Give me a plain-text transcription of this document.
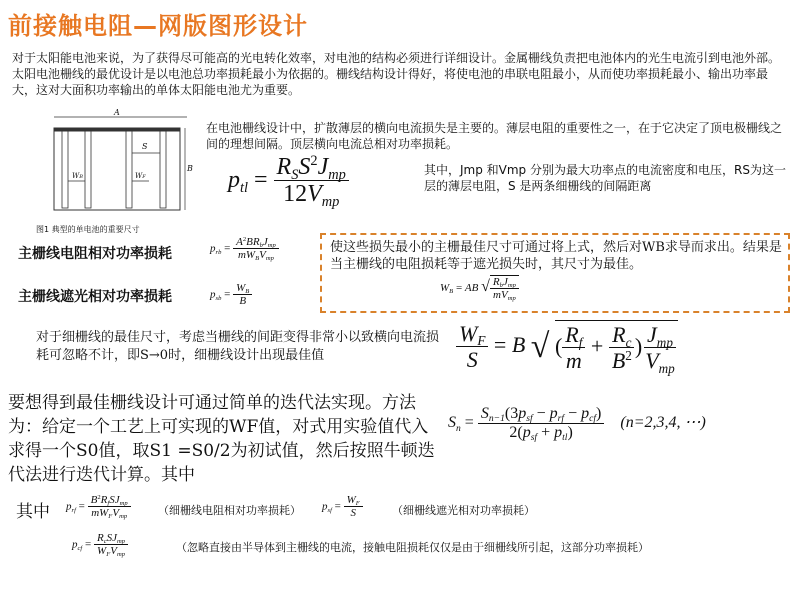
前接触电阻—网版图形设计
对于太阳能电池来说，为了获得尽可能高的光电转化效率，对电池的结构必须进行详细设计。金属栅线负责把电池体内的光生电流引到电池外部。太阳电池栅线的最优设计是以电池总功率损耗最小为依据的。栅线结构设计得好，将使电池的串联电阻最小，从而使功率损耗最小、输出功率最大，这对大面积功率输出的单体太阳能电池尤为重要。
A
S
B
WB	WF
图1 典型的单电池的重要尺寸
在电池栅线设计中，扩散薄层的横向电流损失是主要的。薄层电阻的重要性之一，在于它决定了顶电极栅线之间的理想间隔。顶层横向电流总相对功率损耗。
$p_{tl} = \frac{R_SS^2J_{mp}}{12V_{mp}}$	其中，Jmp 和Vmp 分别为最大功率点的电流密度和电压，RS为这一层的薄层电阻，S 是两条细栅线的间隔距离
主栅线电阻相对功率损耗
主栅线遮光相对功率损耗
$p_{rb} = \frac{A^2BR_bJ_{mp}}{mW_BV_{mp}}$
$p_{sb} = \frac{W_B}{B}$
使这些损失最小的主栅最佳尺寸可通过将上式，然后对WB求导而求出。结果是当主栅线的电阻损耗等于遮光损失时，其尺寸为最佳。
$W_B$ = AB √ $\frac{R_bJ_{mp}}{mV_{mp}}$
对于细栅线的最佳尺寸，考虑当栅线的间距变得非常小以致横向电流损耗可忽略不计，即S→0时，细栅线设计出现最佳值	$\frac{W_F}{S} = B$ √ ( $\frac{R_f}{m} + \frac{R_c}{B^2}$ ) $\frac{J_{mp}}{V_{mp}}$
要想得到最佳栅线设计可通过简单的迭代法实现。方法为：给定一个工艺上可实现的WF值，对式用实验值代入求得一个S0值，取S1 =S0/2为初试值，然后按照牛顿迭代法进行迭代计算。其中
$S_n = \frac{S_{n-1}(3p_{sf} - p_{rf} - p_{cf})}{2(p_{sf} + p_{tl})} (n=2,3,4$, ⋯)
其中 $p_{rf} = \frac{B^2R_fSJ_{mp}}{mW_FV_{mp}}$ （细栅线电阻相对功率损耗） $p_{sf} = \frac{W_F}{S}$	（细栅线遮光相对功率损耗）
$p_{cf} = \frac{R_cSJ_{mp}}{W_FV_{mp}}$	（忽略直接由半导体到主栅线的电流，接触电阻损耗仅仅是由于细栅线所引起，这部分功率损耗）
